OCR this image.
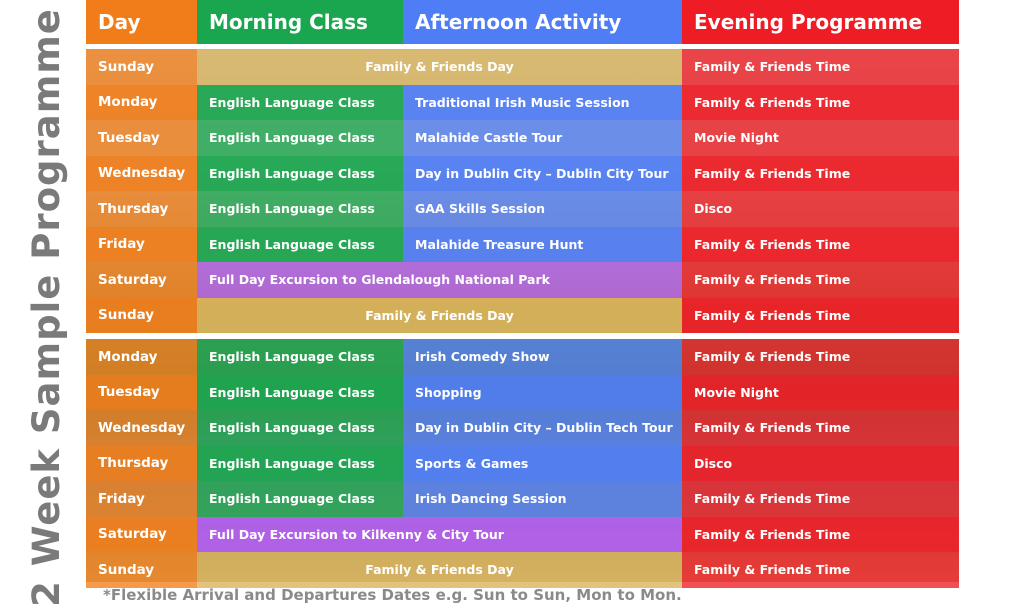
2 Week Sample Programme	Day	Morning Class	Afternoon Activity	Evening Programme
Sunday	Family & Friends Day	Family & Friends Time
Monday	English Language Class	Traditional Irish Music Session	Family & Friends Time
Tuesday	English Language Class	Malahide Castle Tour	Movie Night
Wednesday	English Language Class	Day in Dublin City – Dublin City Tour	Family & Friends Time
Thursday	English Language Class	GAA Skills Session	Disco
Friday	English Language Class	Malahide Treasure Hunt	Family & Friends Time
Saturday	Full Day Excursion to Glendalough National Park	Family & Friends Time
Sunday	Family & Friends Day	Family & Friends Time
Monday	English Language Class	Irish Comedy Show	Family & Friends Time
Tuesday	English Language Class	Shopping	Movie Night
Wednesday	English Language Class	Day in Dublin City – Dublin Tech Tour	Family & Friends Time
Thursday	English Language Class	Sports & Games	Disco
Friday	English Language Class	Irish Dancing Session	Family & Friends Time
Saturday	Full Day Excursion to Kilkenny & City Tour	Family & Friends Time
Sunday	Family & Friends Day	Family & Friends Time
*Flexible Arrival and Departures Dates e.g. Sun to Sun, Mon to Mon.
